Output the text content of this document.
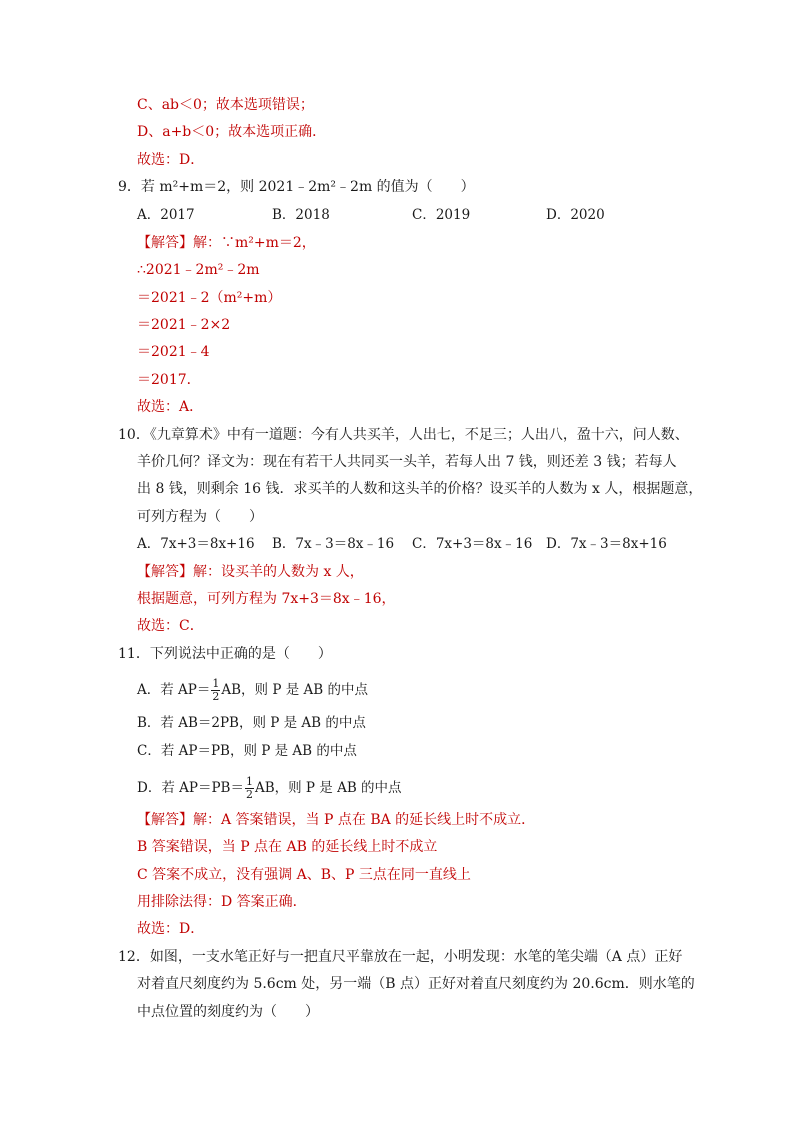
C、ab＜0；故本选项错误；
D、a+b＜0；故本选项正确．
故选：D．
9．若 m²+m＝2，则 2021﹣2m²﹣2m 的值为（　　）
A．2017	B．2018	C．2019	D．2020
【解答】解：∵m²+m＝2，
∴2021﹣2m²﹣2m
＝2021﹣2（m²+m）
＝2021﹣2×2
＝2021﹣4
＝2017．
故选：A．
10．《九章算术》中有一道题：今有人共买羊，人出七，不足三；人出八，盈十六，问人数、
羊价几何？译文为：现在有若干人共同买一头羊，若每人出 7 钱，则还差 3 钱；若每人
出 8 钱，则剩余 16 钱．求买羊的人数和这头羊的价格？设买羊的人数为 x 人，根据题意，
可列方程为（　　）
A．7x+3＝8x+16 B．7x﹣3＝8x﹣16 C．7x+3＝8x﹣16 D．7x﹣3＝8x+16
【解答】解：设买羊的人数为 x 人，
根据题意，可列方程为 7x+3＝8x﹣16，
故选：C．
11．下列说法中正确的是（　　）
A．若 $AP= \frac{1}{2}$ AB，则 P 是 AB 的中点
B．若 AB＝2PB，则 P 是 AB 的中点
C．若 AP＝PB，则 P 是 AB 的中点
D．若 $AP=PB= \frac{1}{2}$ AB，则 P 是 AB 的中点
【解答】解：A 答案错误，当 P 点在 BA 的延长线上时不成立．
B 答案错误，当 P 点在 AB 的延长线上时不成立
C 答案不成立，没有强调 A、B、P 三点在同一直线上
用排除法得：D 答案正确．
故选：D．
12．如图，一支水笔正好与一把直尺平靠放在一起，小明发现：水笔的笔尖端（A 点）正好
对着直尺刻度约为 5.6cm 处，另一端（B 点）正好对着直尺刻度约为 20.6cm．则水笔的
中点位置的刻度约为（　　）
